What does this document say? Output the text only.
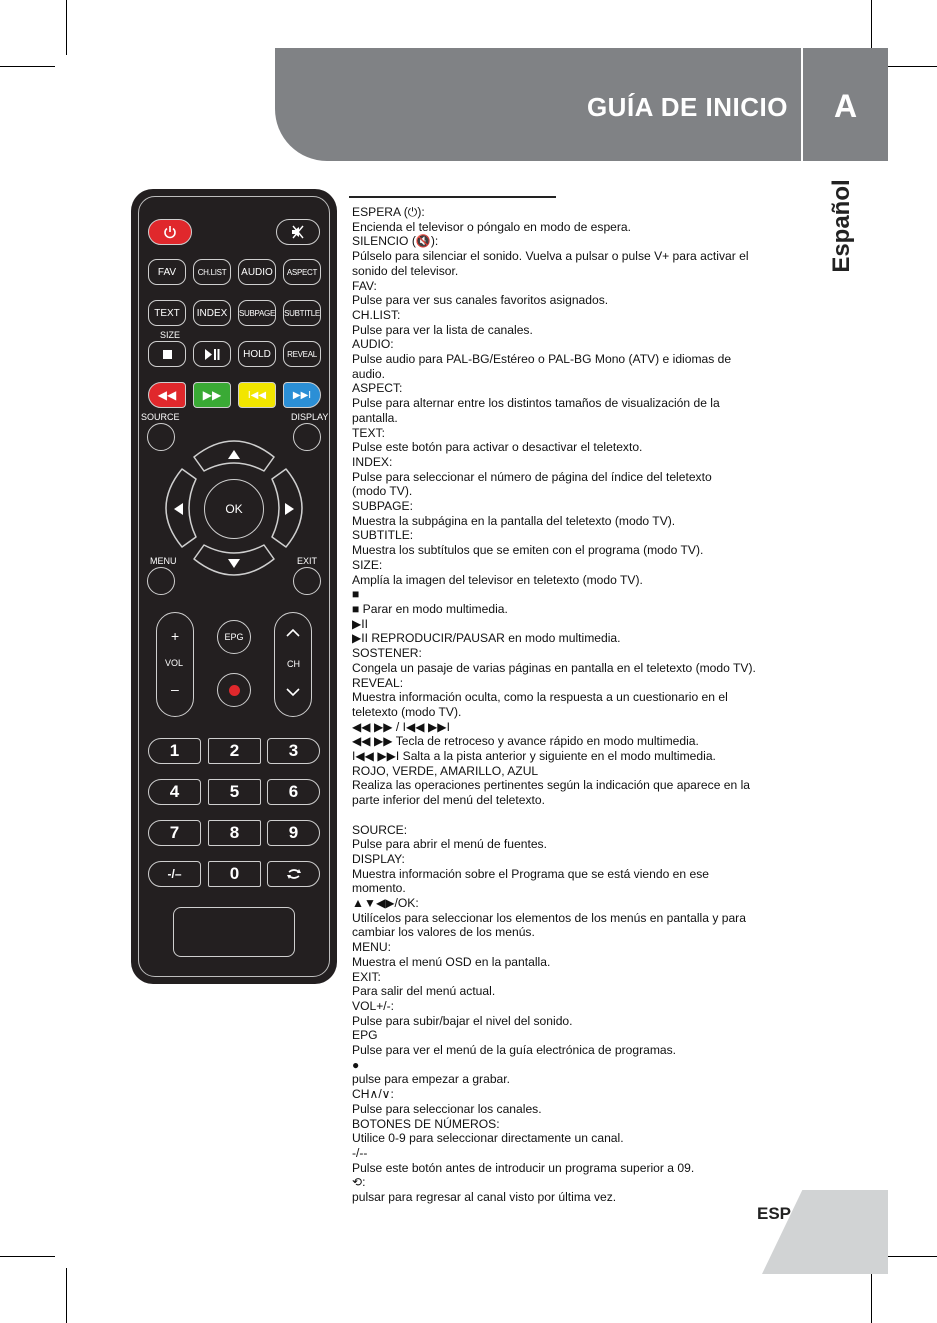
GUÍA DE INICIO	A
Español
ESP
FAV	CH.LIST	AUDIO	ASPECT
TEXT	INDEX	SUBPAGE SUBTITLE
SIZE
HOLD	REVEAL
◀◀ ▶▶	I◀◀	▶▶I
SOURCE	DISPLAY
OK
MENU	EXIT
+
VOL
–
CH
EPG
1	2	3
4	5	6
7	8	9
-/–	0
ESPERA (⏻):
Encienda el televisor o póngalo en modo de espera.
SILENCIO (🔇):
Púlselo para silenciar el sonido. Vuelva a pulsar o pulse V+ para activar el
sonido del televisor.
FAV:
Pulse para ver sus canales favoritos asignados.
CH.LIST:
Pulse para ver la lista de canales.
AUDIO:
Pulse audio para PAL-BG/Estéreo o PAL-BG Mono (ATV) e idiomas de
audio.
ASPECT:
Pulse para alternar entre los distintos tamaños de visualización de la
pantalla.
TEXT:
Pulse este botón para activar o desactivar el teletexto.
INDEX:
Pulse para seleccionar el número de página del índice del teletexto
(modo TV).
SUBPAGE:
Muestra la subpágina en la pantalla del teletexto (modo TV).
SUBTITLE:
Muestra los subtítulos que se emiten con el programa (modo TV).
SIZE:
Amplía la imagen del televisor en teletexto (modo TV).
■
■ Parar en modo multimedia.
▶II
▶II REPRODUCIR/PAUSAR en modo multimedia.
SOSTENER:
Congela un pasaje de varias páginas en pantalla en el teletexto (modo TV).
REVEAL:
Muestra información oculta, como la respuesta a un cuestionario en el
teletexto (modo TV).
◀◀ ▶▶ / I◀◀ ▶▶I
◀◀ ▶▶ Tecla de retroceso y avance rápido en modo multimedia.
I◀◀ ▶▶I Salta a la pista anterior y siguiente en el modo multimedia.
ROJO, VERDE, AMARILLO, AZUL
Realiza las operaciones pertinentes según la indicación que aparece en la
parte inferior del menú del teletexto.
SOURCE:
Pulse para abrir el menú de fuentes.
DISPLAY:
Muestra información sobre el Programa que se está viendo en ese
momento.
▲▼◀▶/OK:
Utilícelos para seleccionar los elementos de los menús en pantalla y para
cambiar los valores de los menús.
MENU:
Muestra el menú OSD en la pantalla.
EXIT:
Para salir del menú actual.
VOL+/-:
Pulse para subir/bajar el nivel del sonido.
EPG
Pulse para ver el menú de la guía electrónica de programas.
●
pulse para empezar a grabar.
CH∧/∨:
Pulse para seleccionar los canales.
BOTONES DE NÚMEROS:
Utilice 0-9 para seleccionar directamente un canal.
-/--
Pulse este botón antes de introducir un programa superior a 09.
⟲:
pulsar para regresar al canal visto por última vez.
